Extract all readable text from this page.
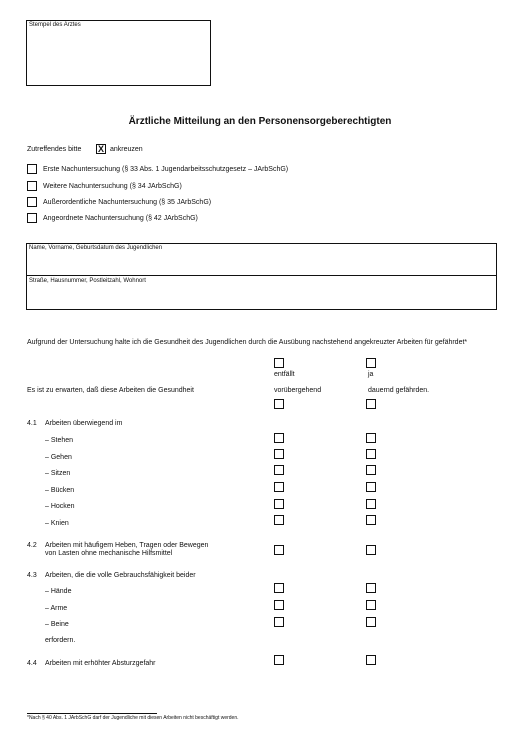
Stempel des Arztes
Ärztliche Mitteilung an den Personensorgeberechtigten
Zutreffendes bitte X ankreuzen
Erste Nachuntersuchung (§ 33 Abs. 1 Jugendarbeitsschutzgesetz – JArbSchG)
Weitere Nachuntersuchung (§ 34 JArbSchG)
Außerordentliche Nachuntersuchung (§ 35 JArbSchG)
Angeordnete Nachuntersuchung (§ 42 JArbSchG)
Name, Vorname, Geburtsdatum des Jugendlichen
Straße, Hausnummer, Postleitzahl, Wohnort
Aufgrund der Untersuchung halte ich die Gesundheit des Jugendlichen durch die Ausübung nachstehend angekreuzter Arbeiten für gefährdet*
entfällt	ja
Es ist zu erwarten, daß diese Arbeiten die Gesundheit	vorübergehend	dauernd gefährden.
4.1 Arbeiten überwiegend im
– Stehen
– Gehen
– Sitzen
– Bücken
– Hocken
– Knien
4.2 Arbeiten mit häufigem Heben, Tragen oder Bewegen
von Lasten ohne mechanische Hilfsmittel
4.3 Arbeiten, die die volle Gebrauchsfähigkeit beider
– Hände
– Arme
– Beine
erfordern.
4.4 Arbeiten mit erhöhter Absturzgefahr
*Nach § 40 Abs. 1 JArbSchG darf der Jugendliche mit diesen Arbeiten nicht beschäftigt werden.
